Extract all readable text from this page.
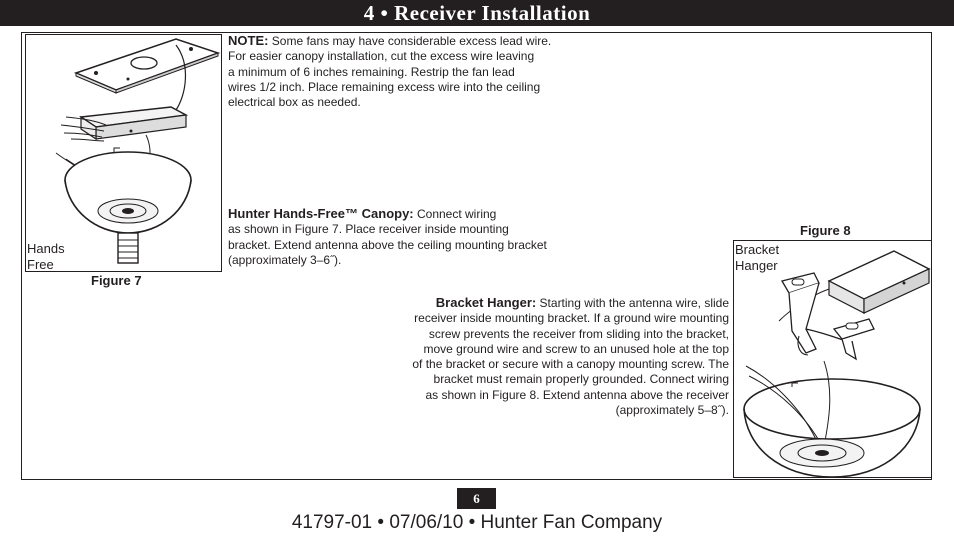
4 • Receiver Installation
Hands
Free
Figure 7
NOTE: Some fans may have considerable excess lead wire.
For easier canopy installation, cut the excess wire leaving
a minimum of 6 inches remaining. Restrip the fan lead
wires 1/2 inch. Place remaining excess wire into the ceiling
electrical box as needed.
Hunter Hands-Free™ Canopy: Connect wiring
as shown in Figure 7. Place receiver inside mounting
bracket. Extend antenna above the ceiling mounting bracket
(approximately 3–6˝).
Bracket Hanger: Starting with the antenna wire, slide
receiver inside mounting bracket. If a ground wire mounting
screw prevents the receiver from sliding into the bracket,
move ground wire and screw to an unused hole at the top
of the bracket or secure with a canopy mounting screw. The
bracket must remain properly grounded. Connect wiring
as shown in Figure 8. Extend antenna above the receiver
(approximately 5–8˝).
Figure 8
Bracket
Hanger
6
41797-01 • 07/06/10 • Hunter Fan Company
